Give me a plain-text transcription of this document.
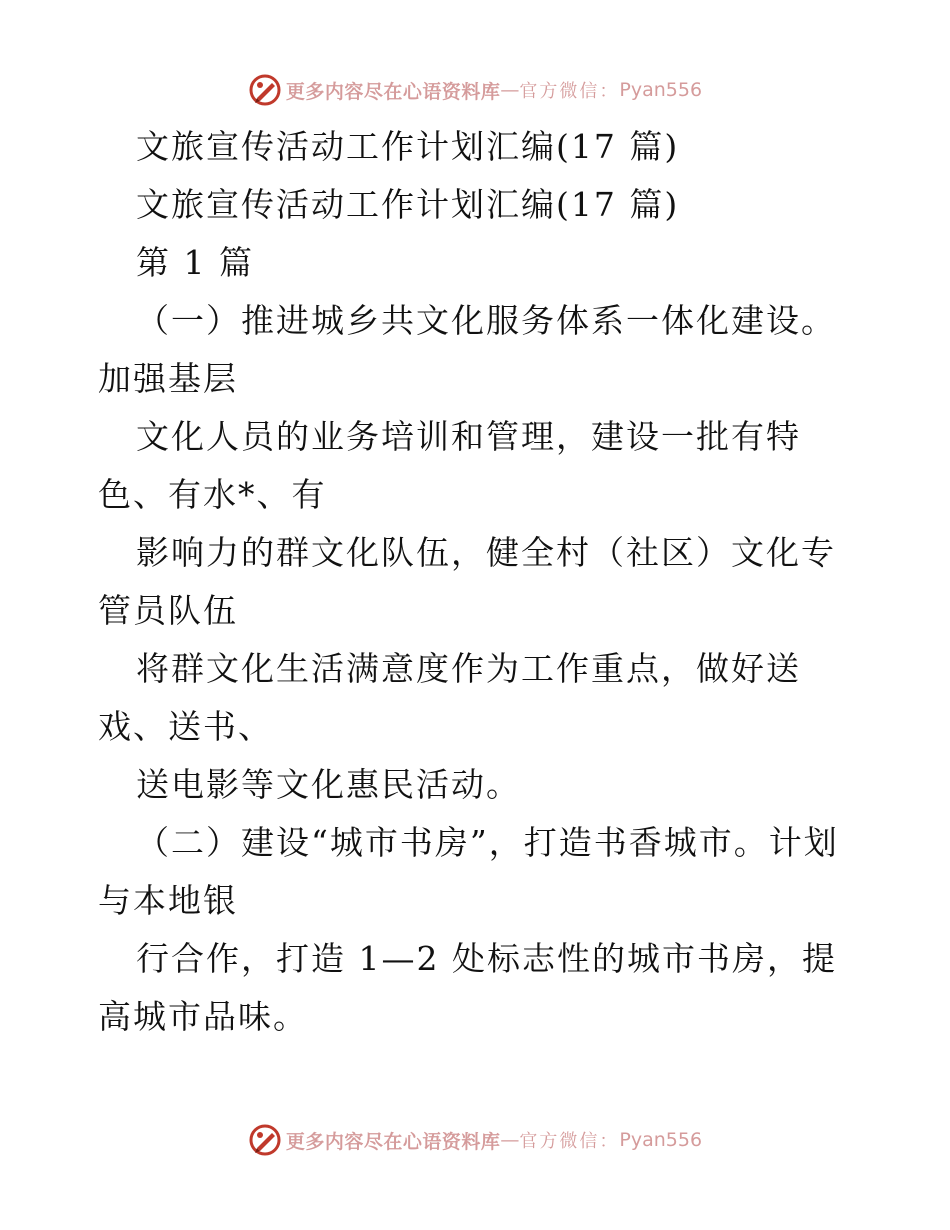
更多内容尽在心语资料库 — 官方微信： Pyan556

文旅宣传活动工作计划汇编(17 篇)

文旅宣传活动工作计划汇编(17 篇)

第 1 篇

（一）推进城乡共文化服务体系一体化建设。加强基层

文化人员的业务培训和管理，建设一批有特色、有水*、有

影响力的群文化队伍，健全村（社区）文化专管员队伍

将群文化生活满意度作为工作重点，做好送戏、送书、

送电影等文化惠民活动。

（二）建设“城市书房”，打造书香城市。计划与本地银

行合作，打造 1—2 处标志性的城市书房，提高城市品味。

更多内容尽在心语资料库 — 官方微信： Pyan556
